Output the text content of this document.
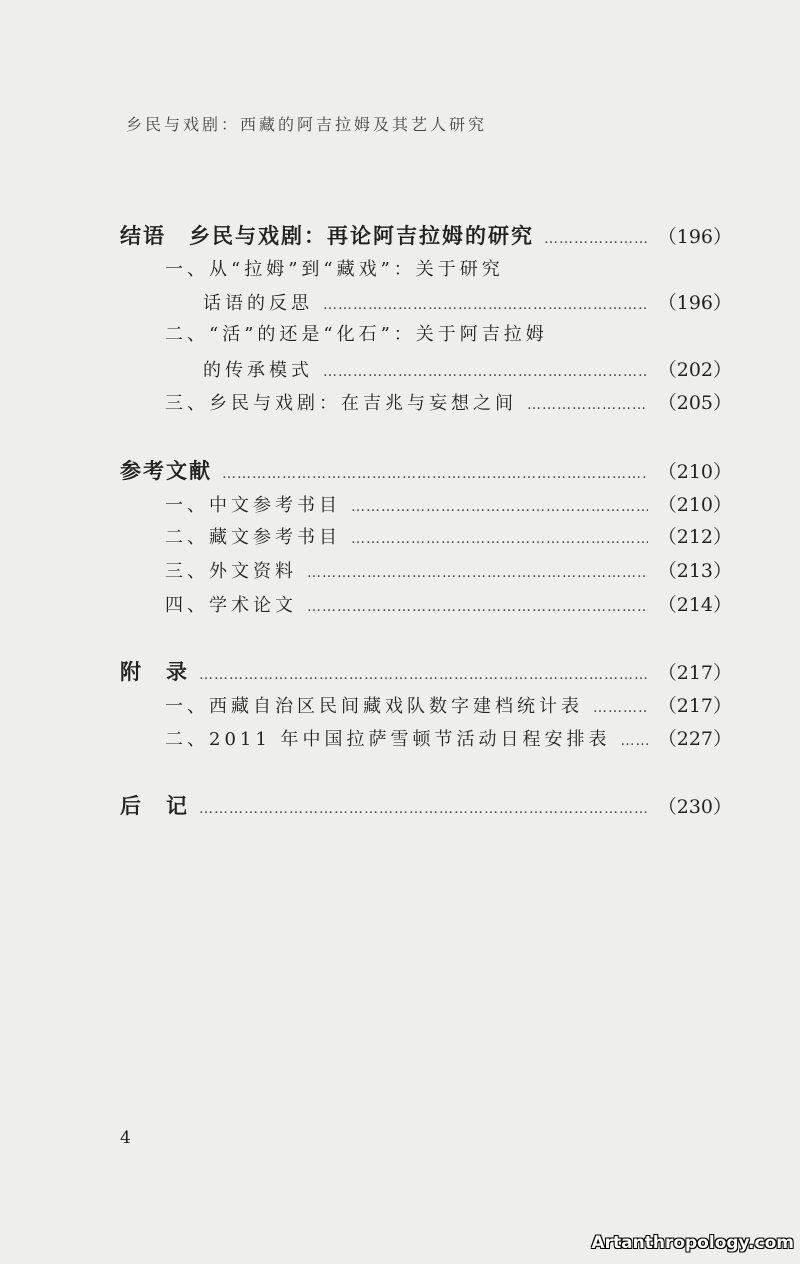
乡民与戏剧：西藏的阿吉拉姆及其艺人研究
结语　乡民与戏剧：再论阿吉拉姆的研究 ……………………………………………………………………………………………………………………………	（196）
一、从“拉姆”到“藏戏”：关于研究
话语的反思 ……………………………………………………………………………………………………………………………	（196）
二、“活”的还是“化石”：关于阿吉拉姆
的传承模式 ……………………………………………………………………………………………………………………………	（202）
三、乡民与戏剧：在吉兆与妄想之间 ……………………………………………………………………………………………………………………………	（205）
参考文献 ……………………………………………………………………………………………………………………………	（210）
一、中文参考书目 ……………………………………………………………………………………………………………………………	（210）
二、藏文参考书目 ……………………………………………………………………………………………………………………………	（212）
三、外文资料 ……………………………………………………………………………………………………………………………	（213）
四、学术论文 ……………………………………………………………………………………………………………………………	（214）
附　录 ……………………………………………………………………………………………………………………………	（217）
一、西藏自治区民间藏戏队数字建档统计表 ……………………………………………………………………………………………………………………………	（217）
二、2011 年中国拉萨雪顿节活动日程安排表 …………………………………………………………………………………………………………………………… （227）
后　记 ……………………………………………………………………………………………………………………………	（230）
4
Artanthropology.com
